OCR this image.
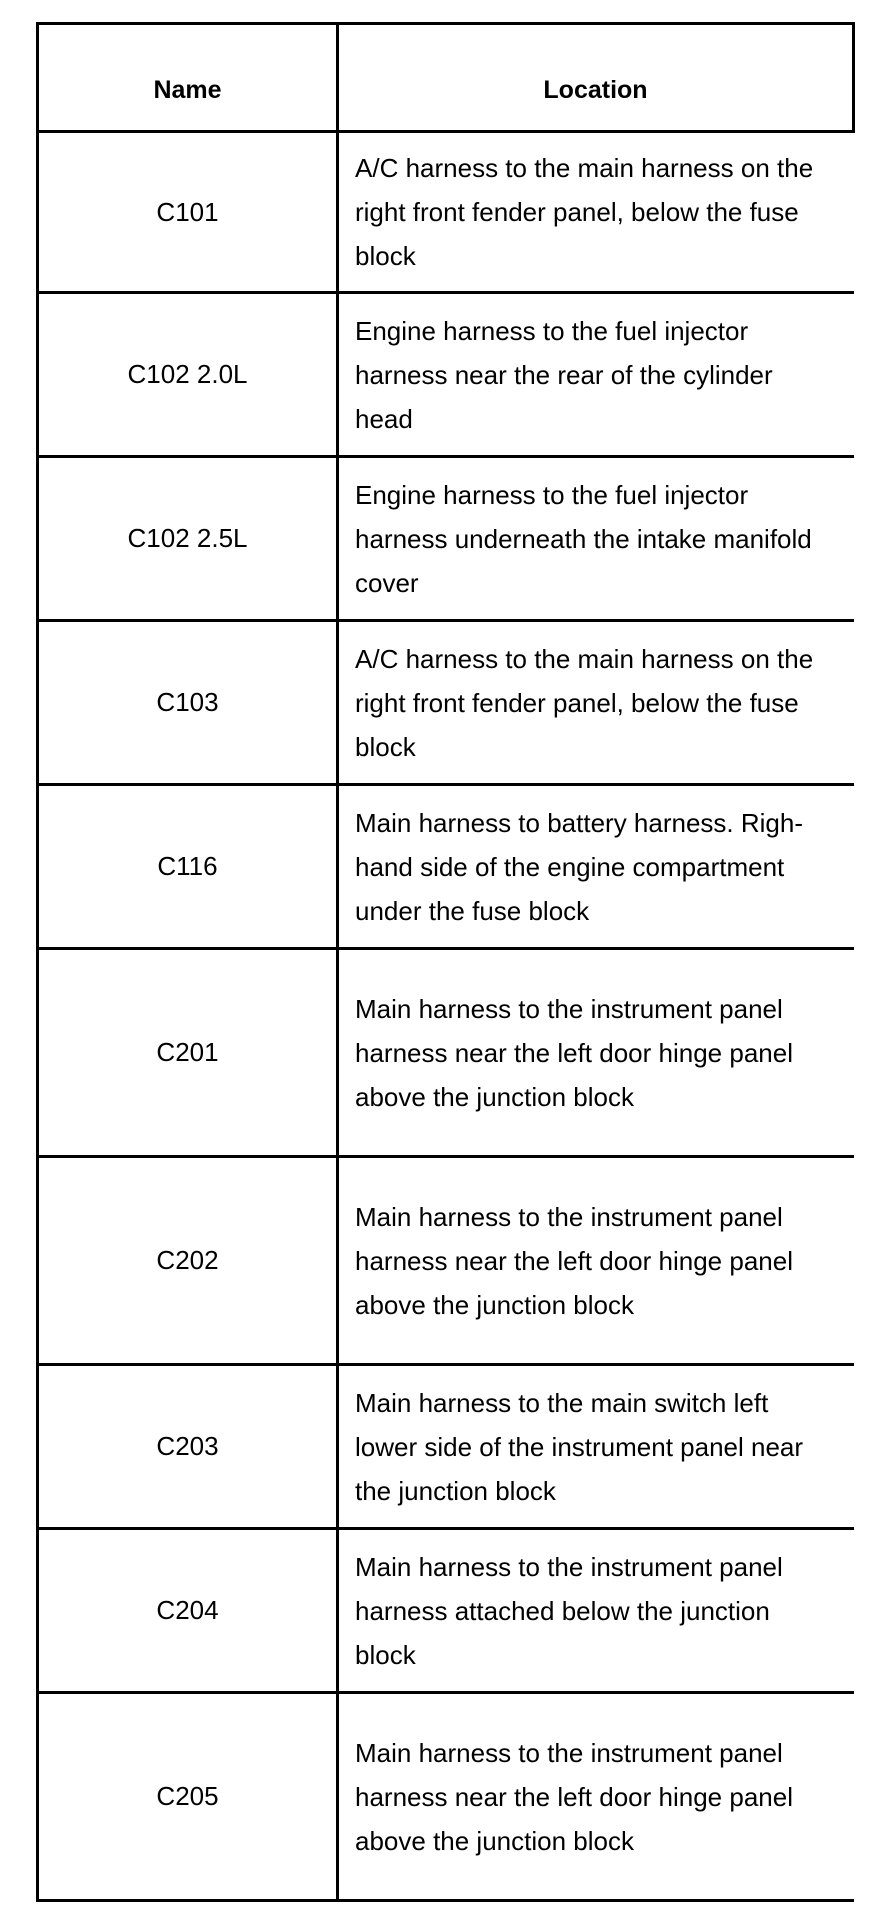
Name	Location
C101	A/C harness to the main harness on the right front fender panel, below the fuse block
C102 2.0L	Engine harness to the fuel injector harness near the rear of the cylinder head
C102 2.5L	Engine harness to the fuel injector harness underneath the intake manifold cover
C103	A/C harness to the main harness on the right front fender panel, below the fuse block
C116	Main harness to battery harness. Righ- hand side of the engine compartment under the fuse block
C201	Main harness to the instrument panel harness near the left door hinge panel above the junction block
C202	Main harness to the instrument panel harness near the left door hinge panel above the junction block
C203	Main harness to the main switch left lower side of the instrument panel near the junction block
C204	Main harness to the instrument panel harness attached below the junction block
C205	Main harness to the instrument panel harness near the left door hinge panel above the junction block
